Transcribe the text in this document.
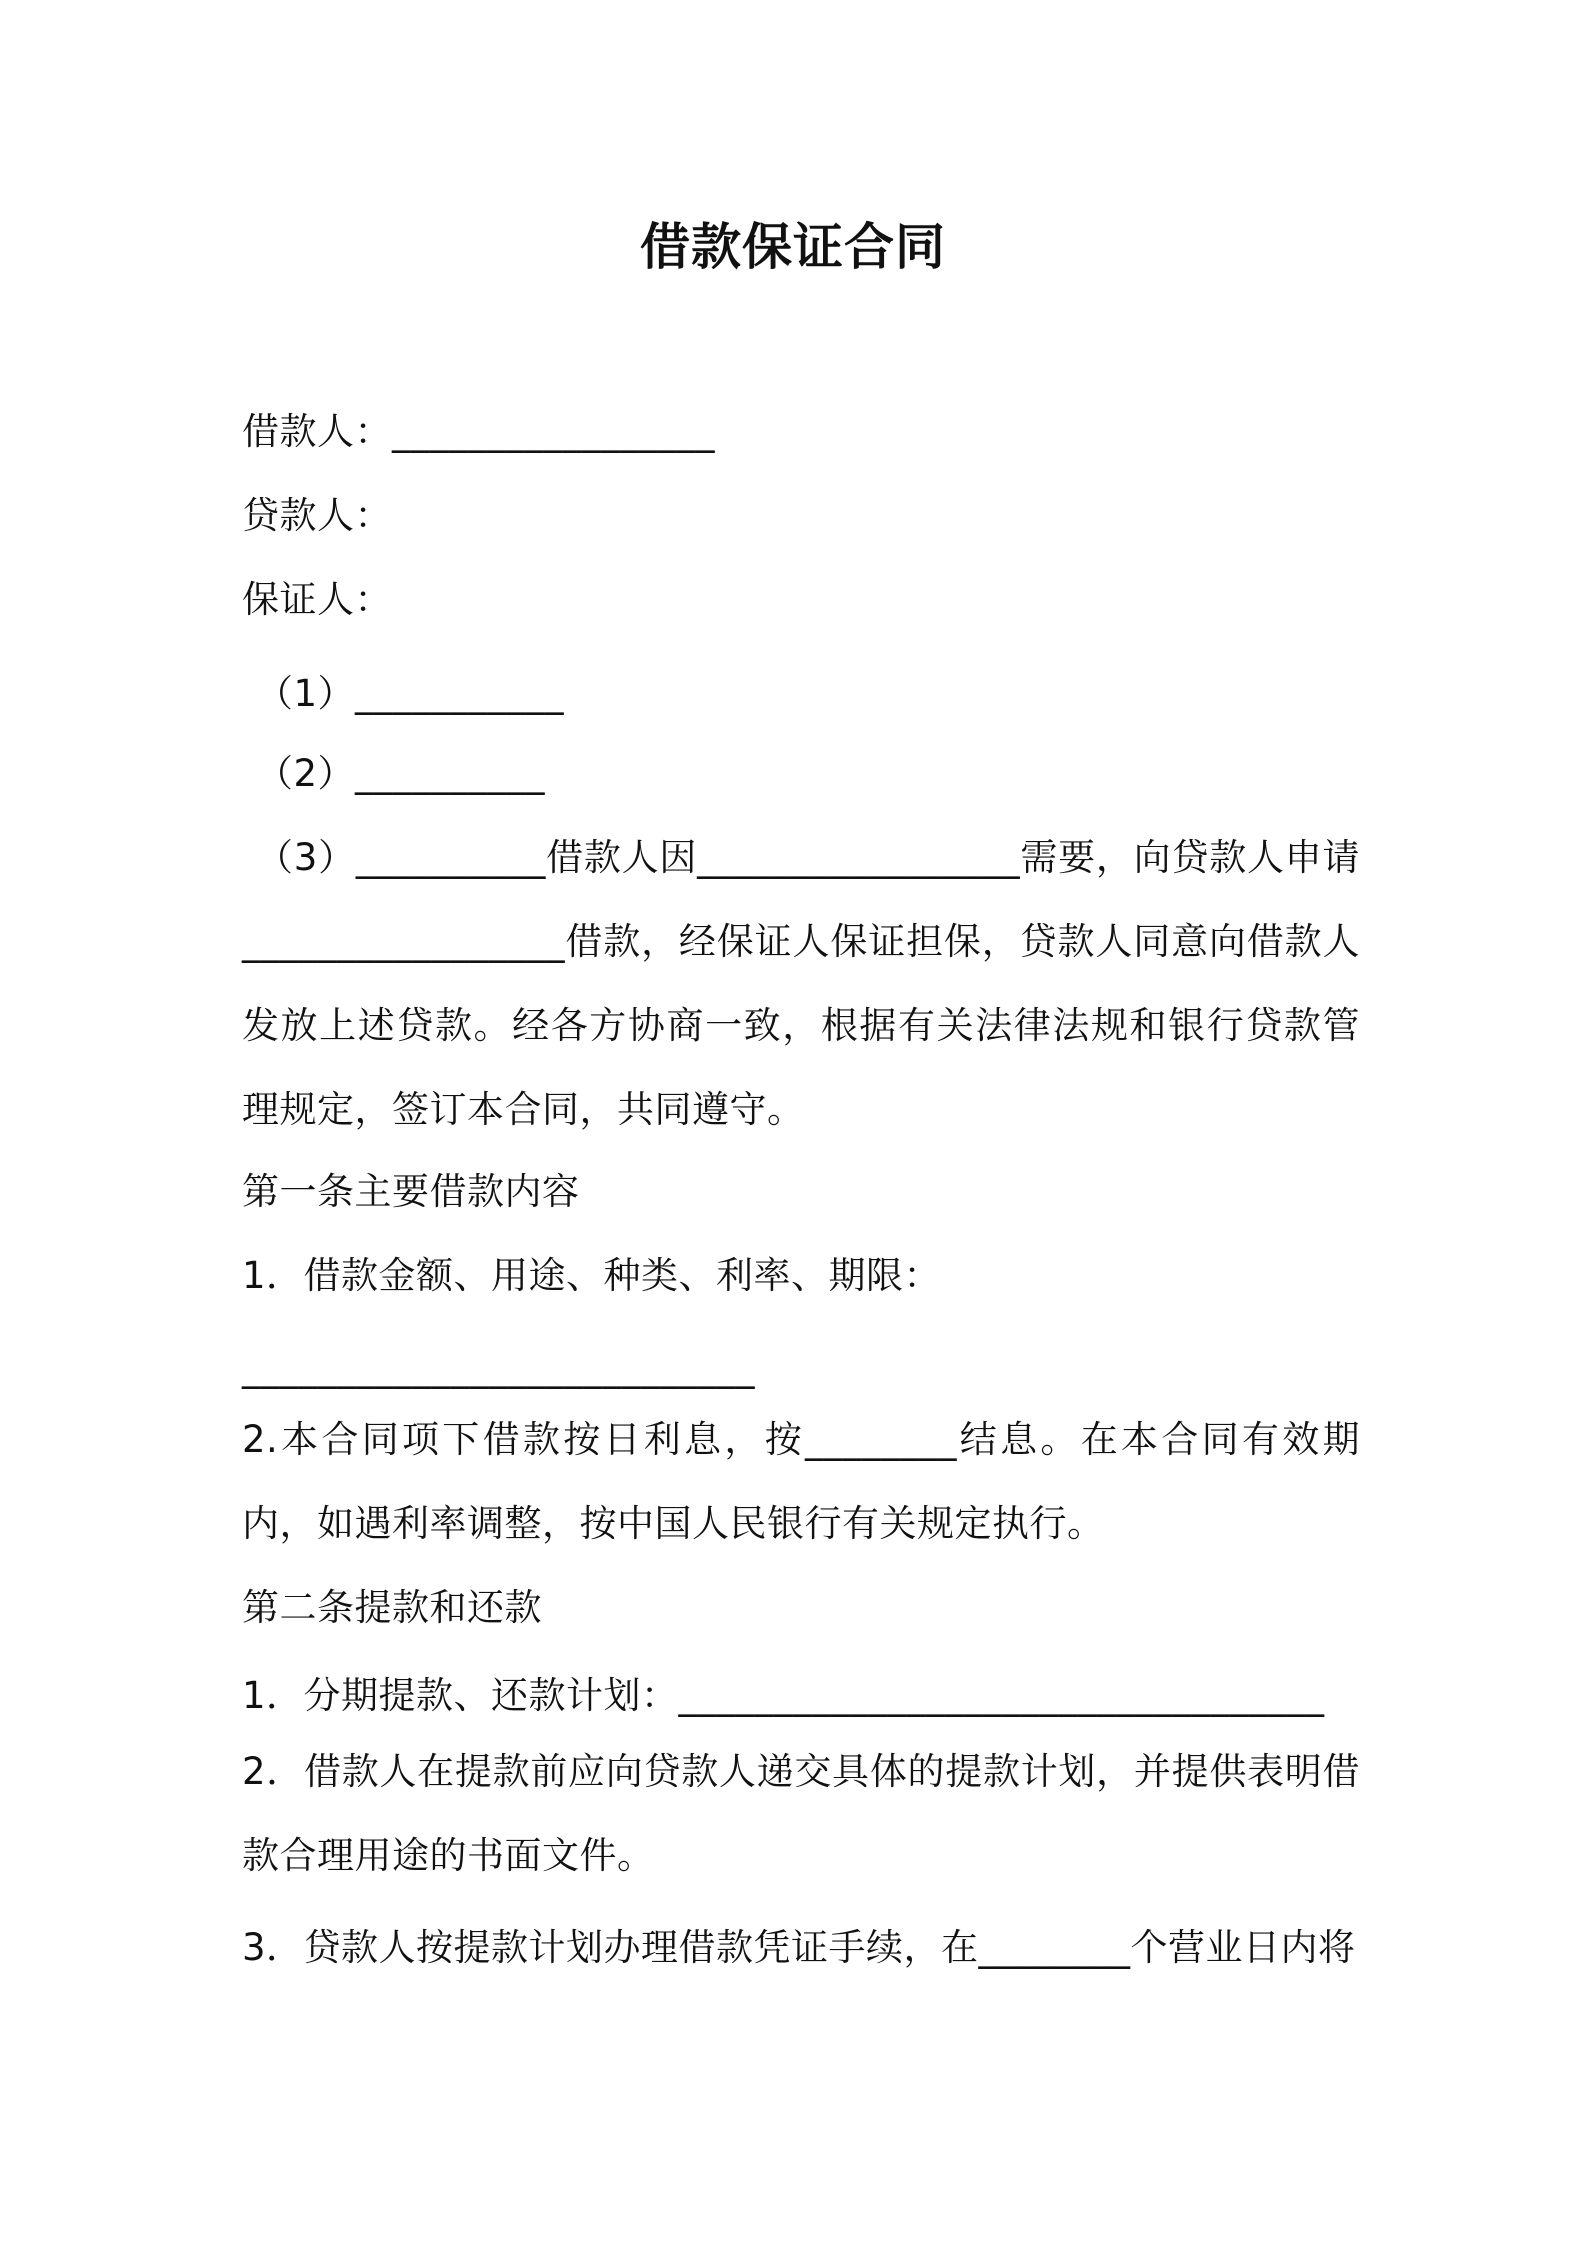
借款保证合同
借款人：_________________
贷款人：
保证人：
（1）___________
（2）__________
（3）__________借款人因_________________需要，向贷款人申请_________________借款，经保证人保证担保，贷款人同意向借款人发放上述贷款。经各方协商一致，根据有关法律法规和银行贷款管理规定，签订本合同，共同遵守。
第一条主要借款内容
1．借款金额、用途、种类、利率、期限：
___________________________
2.本合同项下借款按日利息，按________结息。在本合同有效期内，如遇利率调整，按中国人民银行有关规定执行。
第二条提款和还款
1．分期提款、还款计划：__________________________________
2．借款人在提款前应向贷款人递交具体的提款计划，并提供表明借款合理用途的书面文件。
3．贷款人按提款计划办理借款凭证手续，在________个营业日内将
